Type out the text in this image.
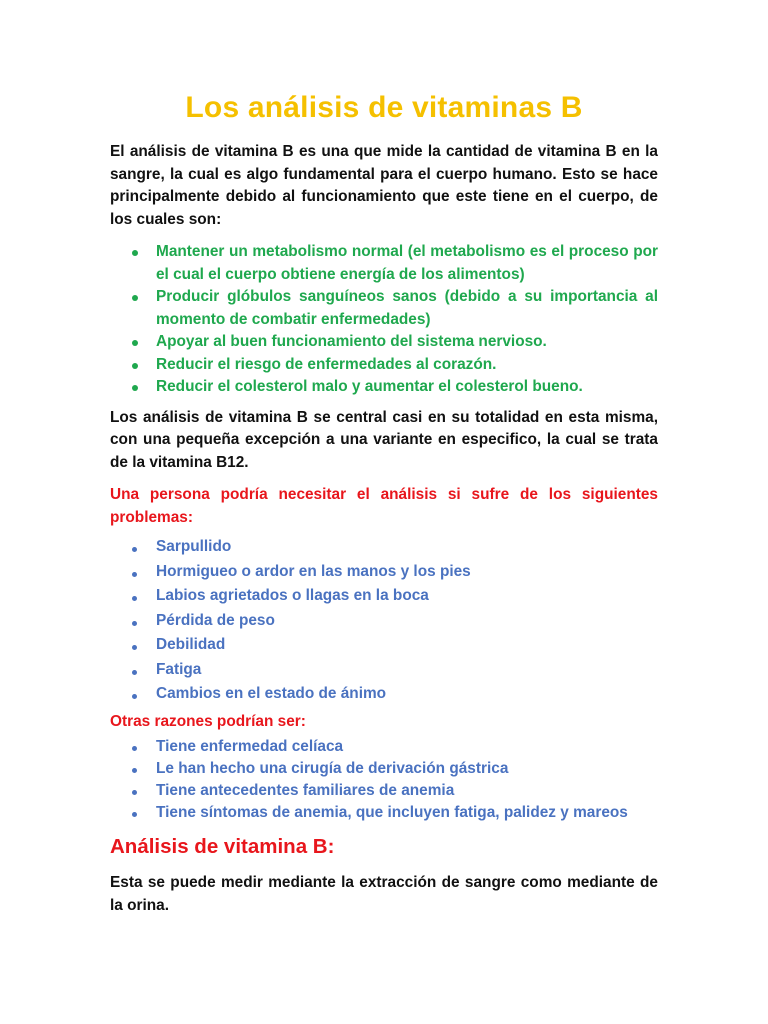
Los análisis de vitaminas B

El análisis de vitamina B es una que mide la cantidad de vitamina B en la sangre, la cual es algo fundamental para el cuerpo humano. Esto se hace principalmente debido al funcionamiento que este tiene en el cuerpo, de los cuales son:

Mantener un metabolismo normal (el metabolismo es el proceso por el cual el cuerpo obtiene energía de los alimentos)
Producir glóbulos sanguíneos sanos (debido a su importancia al momento de combatir enfermedades)
Apoyar al buen funcionamiento del sistema nervioso.
Reducir el riesgo de enfermedades al corazón.
Reducir el colesterol malo y aumentar el colesterol bueno.

Los análisis de vitamina B se central casi en su totalidad en esta misma, con una pequeña excepción a una variante en especifico, la cual se trata de la vitamina B12.

Una persona podría necesitar el análisis si sufre de los siguientes problemas:

Sarpullido
Hormigueo o ardor en las manos y los pies
Labios agrietados o llagas en la boca
Pérdida de peso
Debilidad
Fatiga
Cambios en el estado de ánimo

Otras razones podrían ser:

Tiene enfermedad celíaca
Le han hecho una cirugía de derivación gástrica
Tiene antecedentes familiares de anemia
Tiene síntomas de anemia, que incluyen fatiga, palidez y mareos
Análisis de vitamina B:

Esta se puede medir mediante la extracción de sangre como mediante de la orina.
